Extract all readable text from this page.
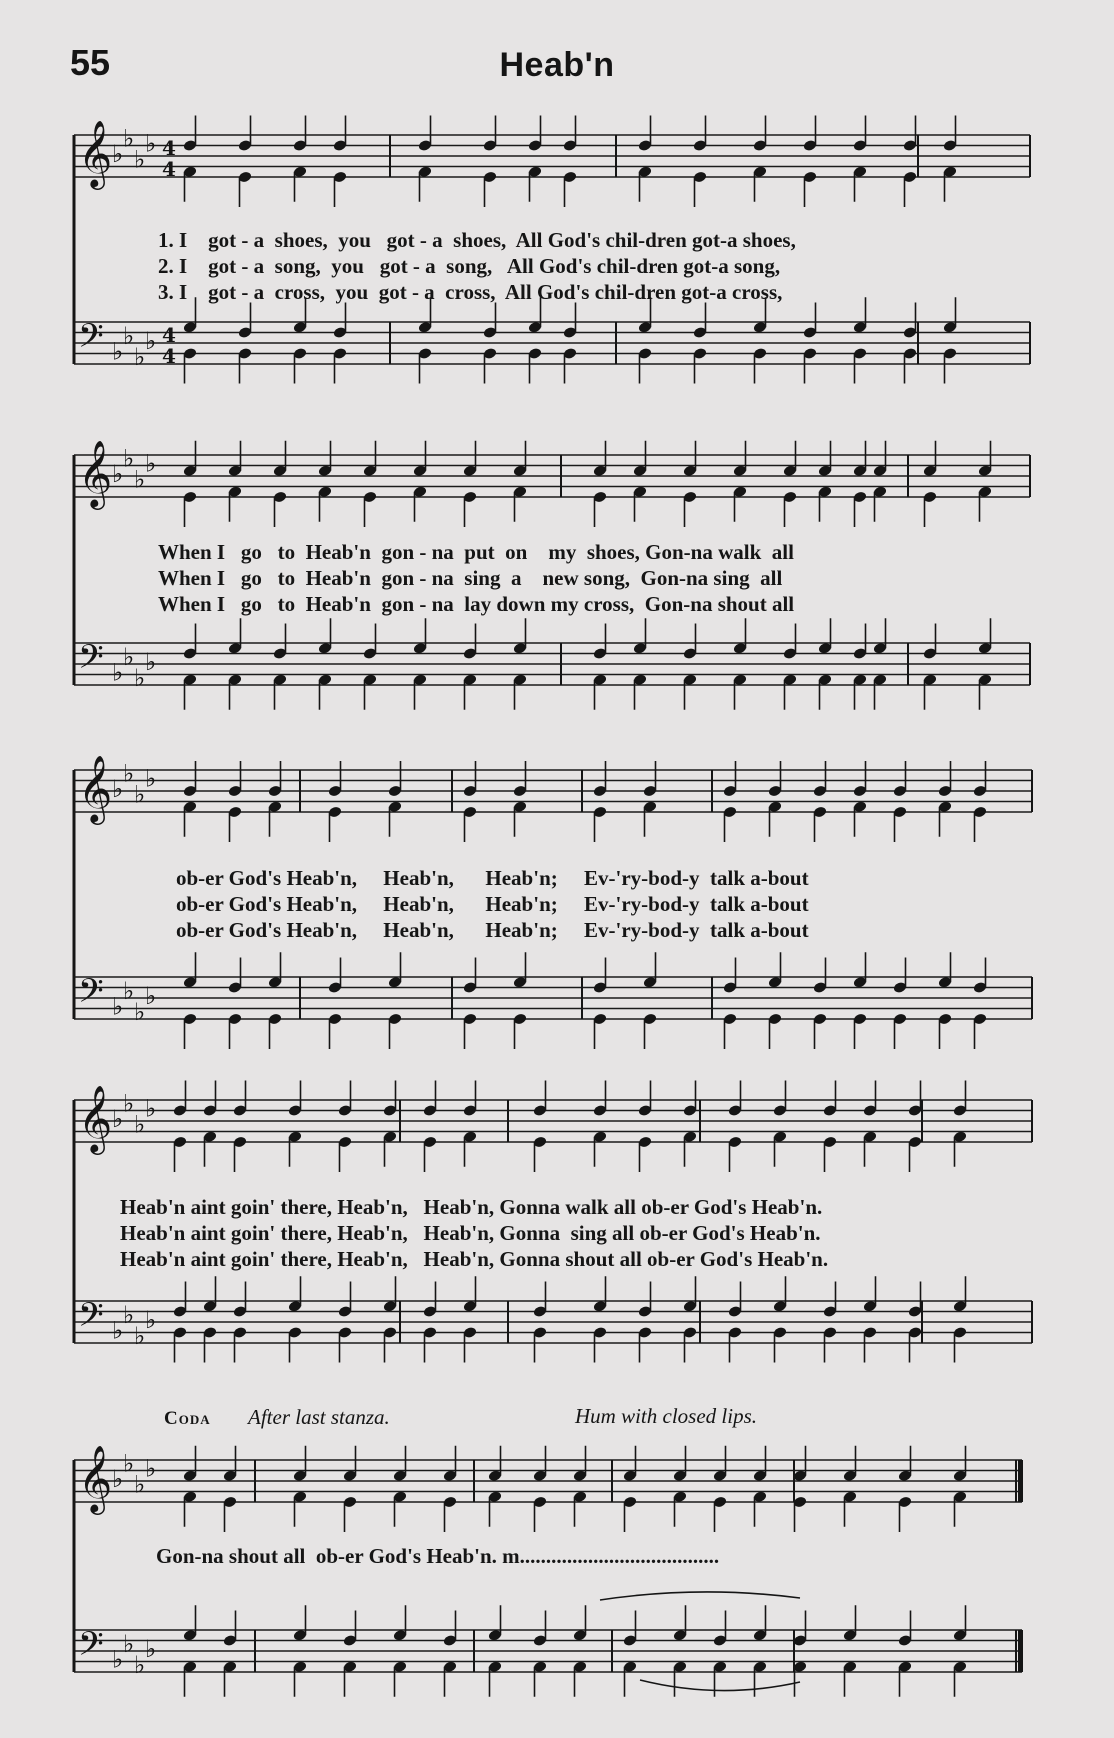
55	Heab'n
𝄞 ♭
♭
♭
♭ 4
4
𝄢 ♭
♭
♭
♭ 4
4
𝄞 ♭
♭
♭
♭
𝄢 ♭
♭
♭
♭
𝄞 ♭
♭
♭
♭
𝄢 ♭
♭
♭
♭
𝄞 ♭
♭
♭
♭
𝄢 ♭
♭
♭
♭
𝄞 ♭
♭
♭
♭
𝄢 ♭
♭
♭
♭
1. I    got - a  shoes,  you   got - a  shoes,  All God's chil-dren got-a shoes,
2. I    got - a  song,  you   got - a  song,   All God's chil-dren got-a song,
3. I    got - a  cross,  you  got - a  cross,  All God's chil-dren got-a cross,
When I   go   to  Heab'n  gon - na  put  on    my  shoes, Gon-na walk  all
When I   go   to  Heab'n  gon - na  sing  a    new song,  Gon-na sing  all
When I   go   to  Heab'n  gon - na  lay down my cross,  Gon-na shout all
ob-er God's Heab'n,     Heab'n,      Heab'n;     Ev-'ry-bod-y  talk a-bout
ob-er God's Heab'n,     Heab'n,      Heab'n;     Ev-'ry-bod-y  talk a-bout
ob-er God's Heab'n,     Heab'n,      Heab'n;     Ev-'ry-bod-y  talk a-bout
Heab'n aint goin' there, Heab'n,   Heab'n, Gonna walk all ob-er God's Heab'n.
Heab'n aint goin' there, Heab'n,   Heab'n, Gonna  sing all ob-er God's Heab'n.
Heab'n aint goin' there, Heab'n,   Heab'n, Gonna shout all ob-er God's Heab'n.
Coda After last stanza.	Hum with closed lips.
Gon-na shout all  ob-er God's Heab'n. m......................................
